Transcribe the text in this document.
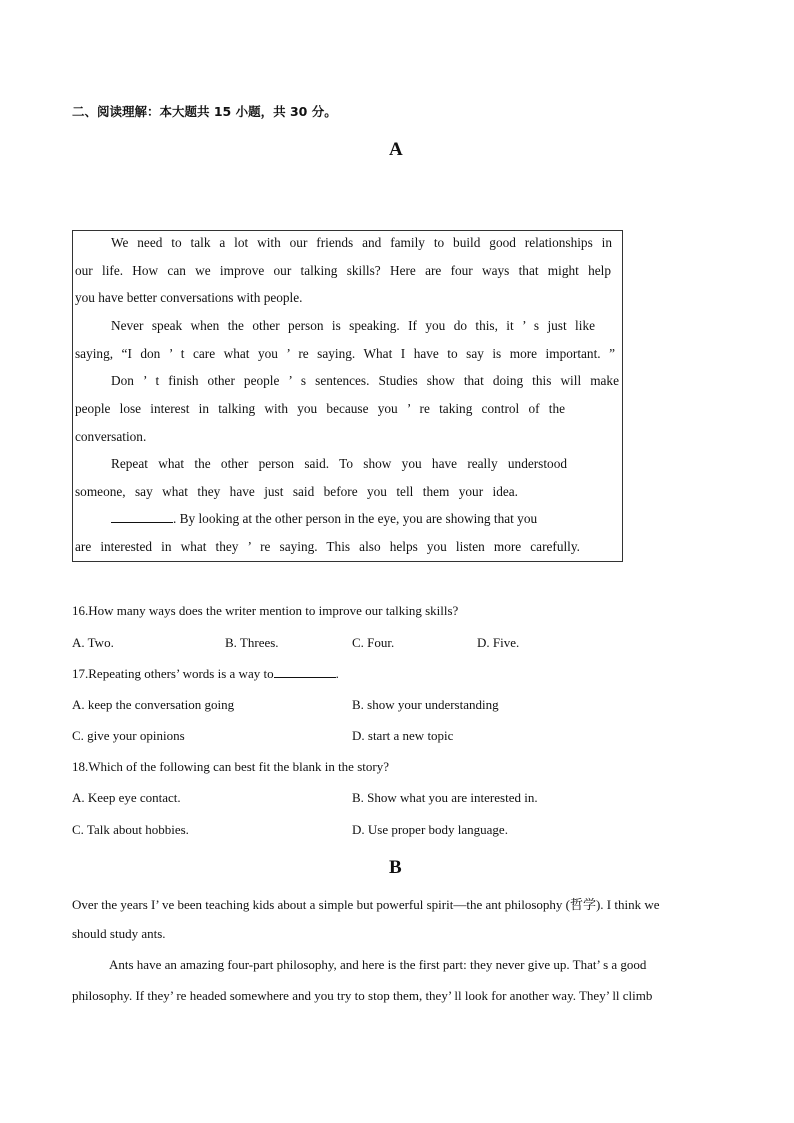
二、阅读理解：本大题共 15 小题，共 30 分。
A
We need to talk a lot with our friends and family to build good relationships in
our life. How can we improve our talking skills? Here are four ways that might help
you have better conversations with people.
Never speak when the other person is speaking. If you do this, it ’ s just like
saying, “I don ’ t care what you ’ re saying. What I have to say is more important. ”
Don ’ t finish other people ’ s sentences. Studies show that doing this will make
people lose interest in talking with you because you ’ re taking control of the
conversation.
Repeat what the other person said. To show you have really understood
someone, say what they have just said before you tell them your idea.
. By looking at the other person in the eye, you are showing that you
are interested in what they ’ re saying. This also helps you listen more carefully.
16.How many ways does the writer mention to improve our talking skills?
A. Two.	B. Threes.	C. Four.	D. Five.
17.Repeating others’ words is a way to	.
A. keep the conversation going	B. show your understanding
C. give your opinions	D. start a new topic
18.Which of the following can best fit the blank in the story?
A. Keep eye contact.	B. Show what you are interested in.
C. Talk about hobbies.	D. Use proper body language.
B
Over the years I’ ve been teaching kids about a simple but powerful spirit—the ant philosophy (哲学). I think we
should study ants.
Ants have an amazing four-part philosophy, and here is the first part: they never give up. That’ s a good
philosophy. If they’ re headed somewhere and you try to stop them, they’ ll look for another way. They’ ll climb
